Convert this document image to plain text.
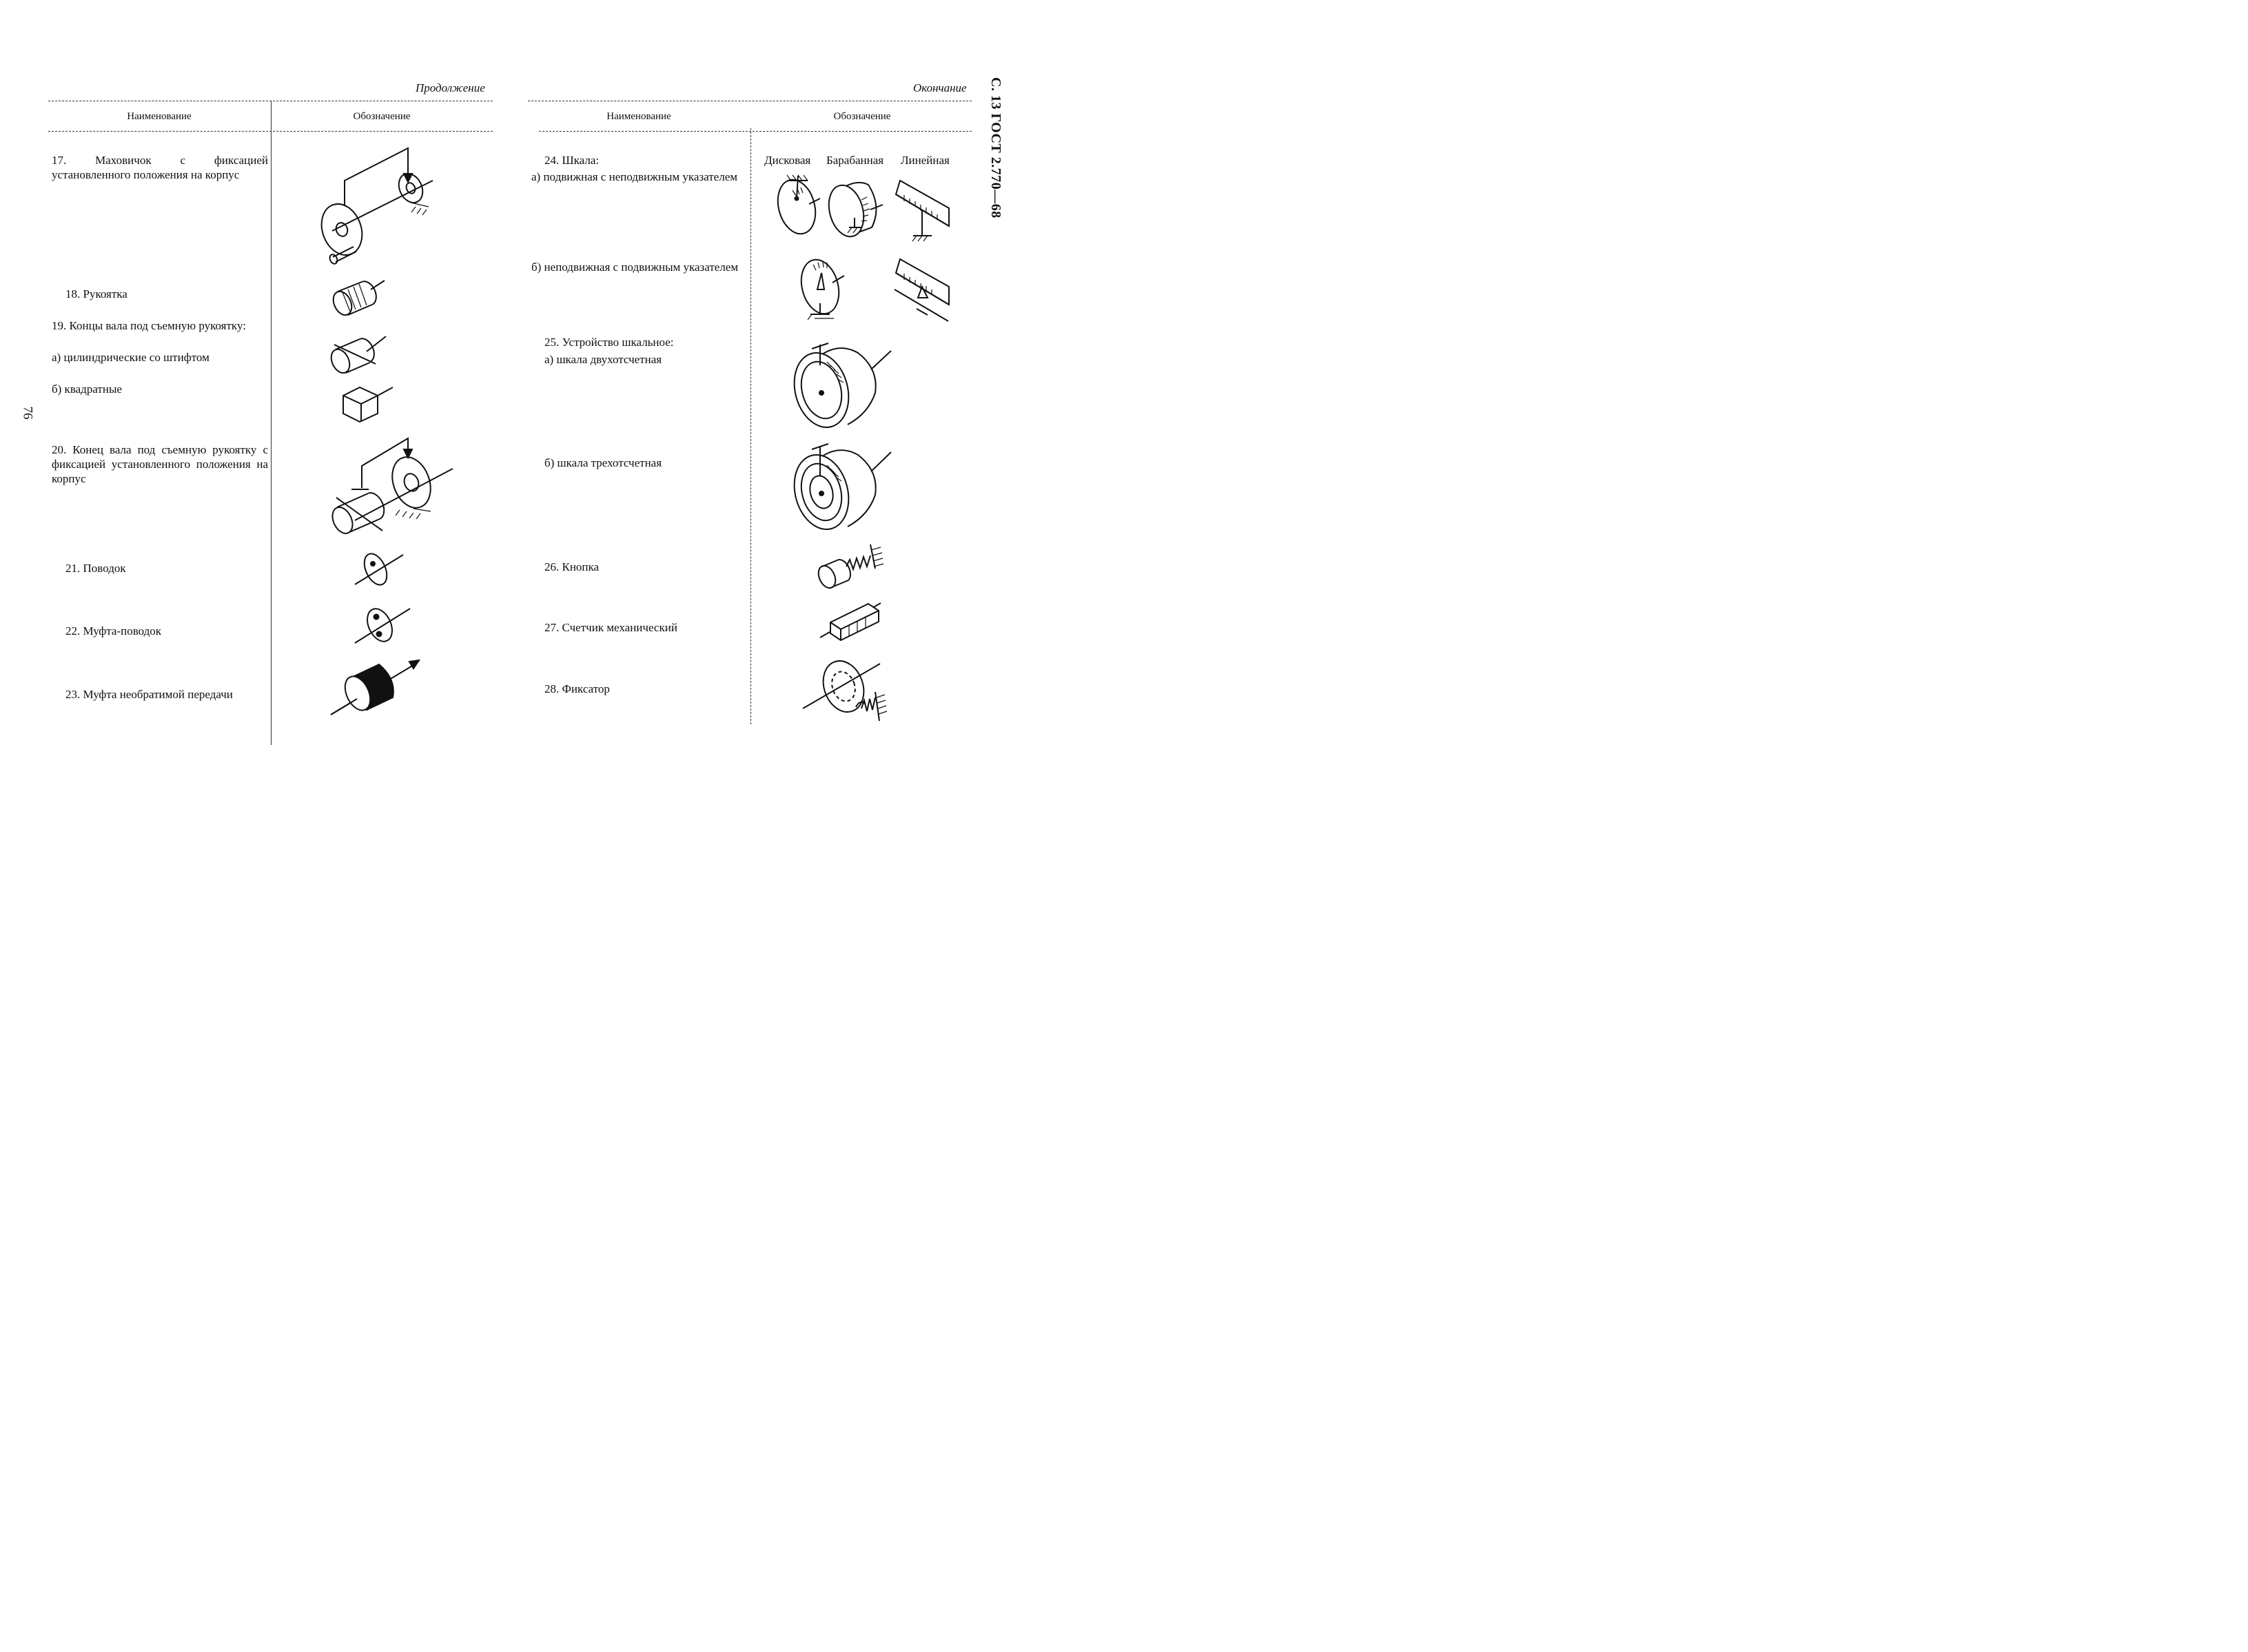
С. 13 ГОСТ 2.770—68
76
Продолжение
Наименование	Обозначение
17. Маховичок с фиксацией установленного положения на корпус
18. Рукоятка
19. Концы вала под съемную рукоятку:
а) цилиндрические со штифтом
б) квадратные
20. Конец вала под съемную рукоятку с фиксацией установленного положения на корпус
21. Поводок
22. Муфта-поводок
23. Муфта необратимой передачи
Окончание
Наименование	Обозначение
24. Шкала:
а) подвижная с неподвижным указателем
б) неподвижная с подвижным указателем
25. Устройство шкальное:
а) шкала двухотсчетная
б) шкала трехотсчетная
26. Кнопка
27. Счетчик механический
28. Фиксатор
Дисковая Барабанная Линейная
